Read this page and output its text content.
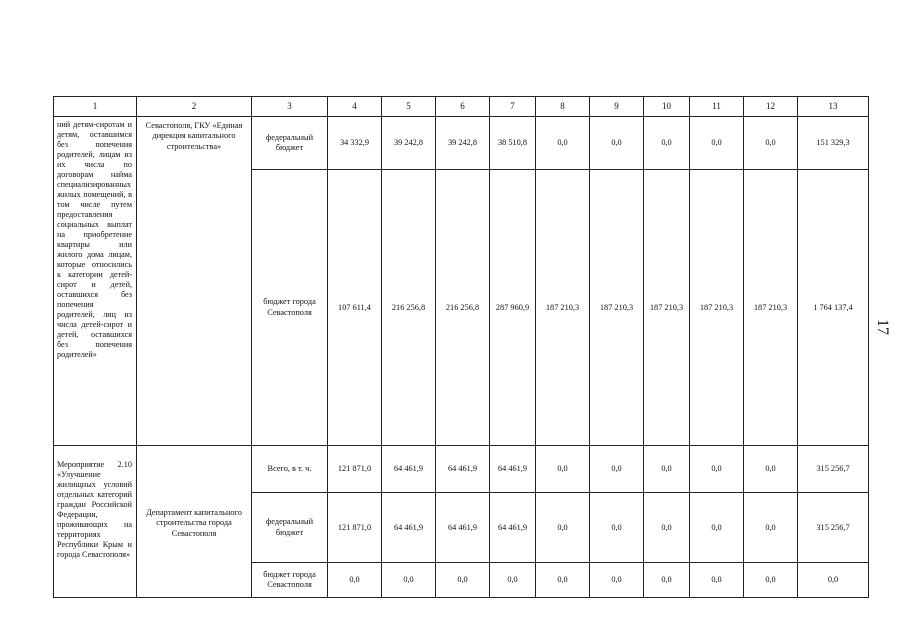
1	2	3	4	5	6	7	8	9	10	11	12	13
ний детям-сиротам и детям, оставшимся без попечения родителей, лицам из их числа по договорам найма специализированных жилых помещений, в том числе путем предоставления социальных выплат на приобретение квартиры или жилого дома лицам, которые относились к категории детей-сирот и детей, оставшихся без попечения родителей, лиц из числа детей-сирот и детей, оставшихся без попечения родителей»	Севастополя, ГКУ «Единая дирекция капитального строительства»	федеральный бюджет	34 332,9	39 242,8	39 242,8	38 510,8	0,0	0,0	0,0	0,0	0,0	151 329,3
		бюджет города Севастополя	107 611,4	216 256,8	216 256,8	287 960,9	187 210,3	187 210,3	187 210,3	187 210,3	187 210,3	1 764 137,4
Мероприятие 2.10 «Улучшение жилищных условий отдельных категорий граждан Российской Федерации, проживающих на территориях Республики Крым и города Севастополя»	Департамент капитального строительства города Севастополя	Всего, в т. ч.	121 871,0	64 461,9	64 461,9	64 461,9	0,0	0,0	0,0	0,0	0,0	315 256,7
		федеральный бюджет	121 871,0	64 461,9	64 461,9	64 461,9	0,0	0,0	0,0	0,0	0,0	315 256,7
		бюджет города Севастополя	0,0	0,0	0,0	0,0	0,0	0,0	0,0	0,0	0,0	0,0
17
